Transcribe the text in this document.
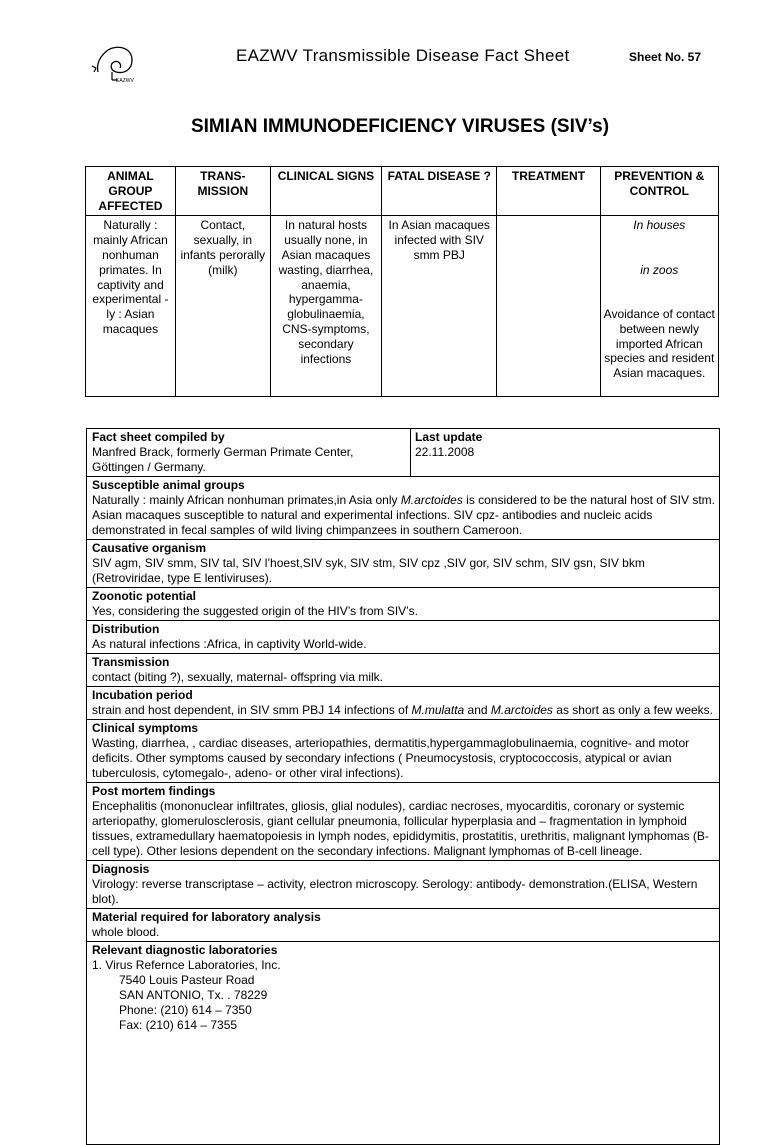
EAZWV
EAZWV Transmissible Disease Fact Sheet	Sheet No. 57
SIMIAN IMMUNODEFICIENCY VIRUSES (SIV’s)
ANIMAL GROUP AFFECTED	TRANS-MISSION	CLINICAL SIGNS	FATAL DISEASE ?	TREATMENT	PREVENTION & CONTROL
Naturally : mainly African nonhuman primates. In captivity and experimental -ly : Asian macaques	Contact, sexually, in infants perorally (milk)	In natural hosts usually none, in Asian macaques wasting, diarrhea, anaemia, hypergamma-globulinaemia, CNS-symptoms, secondary infections	In Asian macaques infected with SIV smm PBJ		In houses
in zoos
Avoidance of contact between newly imported African species and resident Asian macaques.
Fact sheet compiled by
Manfred Brack, formerly German Primate Center, Göttingen / Germany.
Last update
22.11.2008
Susceptible animal groups
Naturally : mainly African nonhuman primates,in Asia only M.arctoides is considered to be the natural host of SIV stm. Asian macaques susceptible to natural and experimental infections. SIV cpz- antibodies and nucleic acids demonstrated in fecal samples of wild living chimpanzees in southern Cameroon.
Causative organism
SIV agm, SIV smm, SIV tal, SIV l’hoest,SIV syk, SIV stm, SIV cpz ,SIV gor, SIV schm, SIV gsn, SIV bkm (Retroviridae, type E lentiviruses).
Zoonotic potential
Yes, considering the suggested origin of the HIV’s from SIV’s.
Distribution
As natural infections :Africa, in captivity World-wide.
Transmission
contact (biting ?), sexually, maternal- offspring via milk.
Incubation period
strain and host dependent, in SIV smm PBJ 14 infections of M.mulatta and M.arctoides as short as only a few weeks.
Clinical symptoms
Wasting, diarrhea, , cardiac diseases, arteriopathies, dermatitis,hypergammaglobulinaemia, cognitive- and motor deficits. Other symptoms caused by secondary infections ( Pneumocystosis, cryptococcosis, atypical or avian tuberculosis, cytomegalo-, adeno- or other viral infections).
Post mortem findings
Encephalitis (mononuclear infiltrates, gliosis, glial nodules), cardiac necroses, myocarditis, coronary or systemic arteriopathy, glomerulosclerosis, giant cellular pneumonia, follicular hyperplasia and – fragmentation in lymphoid tissues, extramedullary haematopoiesis in lymph nodes, epididymitis, prostatitis, urethritis, malignant lymphomas (B- cell type). Other lesions dependent on the secondary infections. Malignant lymphomas of B-cell lineage.
Diagnosis
Virology: reverse transcriptase – activity, electron microscopy. Serology: antibody- demonstration.(ELISA, Western blot).
Material required for laboratory analysis
whole blood.
Relevant diagnostic laboratories
1. Virus Refernce Laboratories, Inc.
7540 Louis Pasteur Road
SAN ANTONIO, Tx. . 78229
Phone: (210) 614 – 7350
Fax: (210) 614 – 7355
